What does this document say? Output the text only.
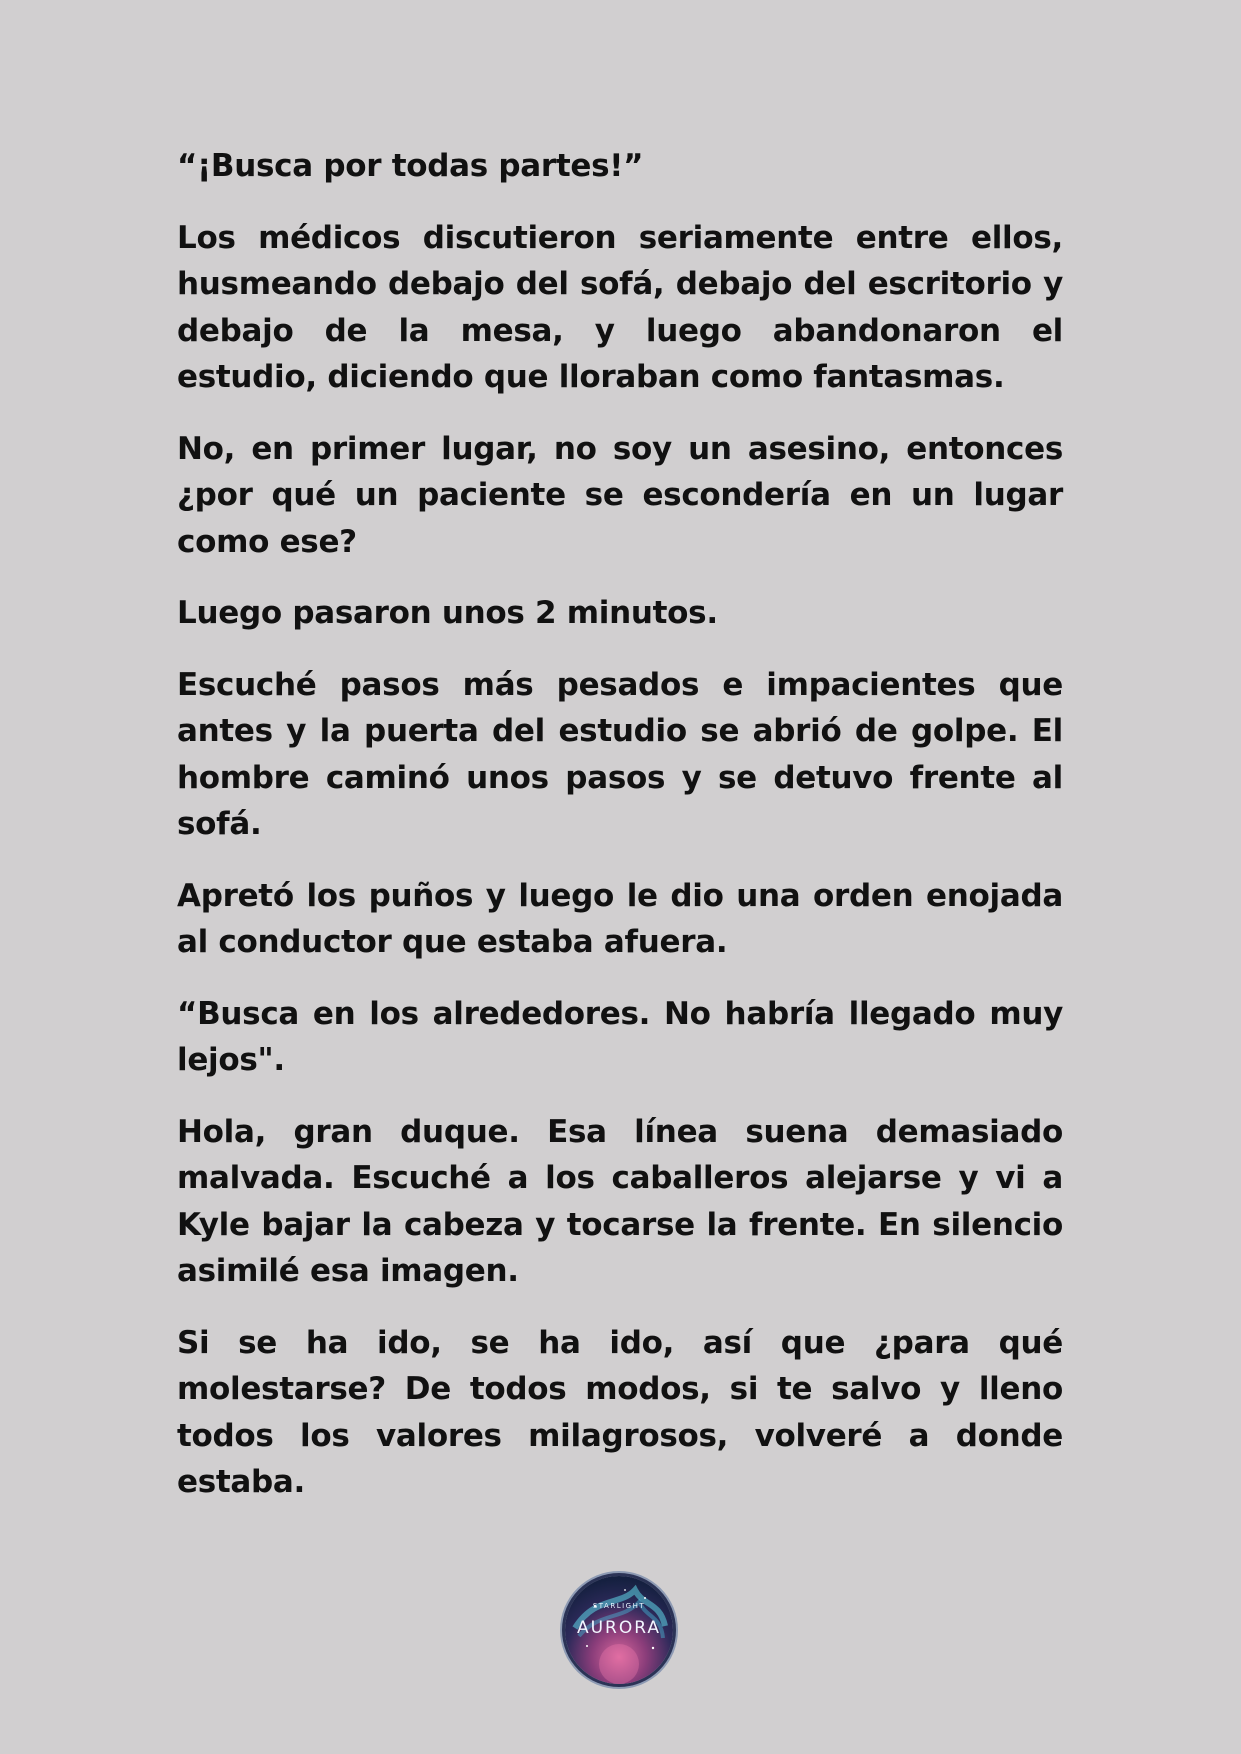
“¡Busca por todas partes!”

Los médicos discutieron seriamente entre ellos, husmeando debajo del sofá, debajo del escritorio y debajo de la mesa, y luego abandonaron el estudio, diciendo que lloraban como fantasmas.

No, en primer lugar, no soy un asesino, entonces ¿por qué un paciente se escondería en un lugar como ese?

Luego pasaron unos 2 minutos.

Escuché pasos más pesados e impacientes que antes y la puerta del estudio se abrió de golpe. El hombre caminó unos pasos y se detuvo frente al sofá.

Apretó los puños y luego le dio una orden enojada al conductor que estaba afuera.

“Busca en los alrededores. No habría llegado muy lejos".

Hola, gran duque. Esa línea suena demasiado malvada. Escuché a los caballeros alejarse y vi a Kyle bajar la cabeza y tocarse la frente. En silencio asimilé esa imagen.

Si se ha ido, se ha ido, así que ¿para qué molestarse? De todos modos, si te salvo y lleno todos los valores milagrosos, volveré a donde estaba.

STARLIGHT
AURORA
